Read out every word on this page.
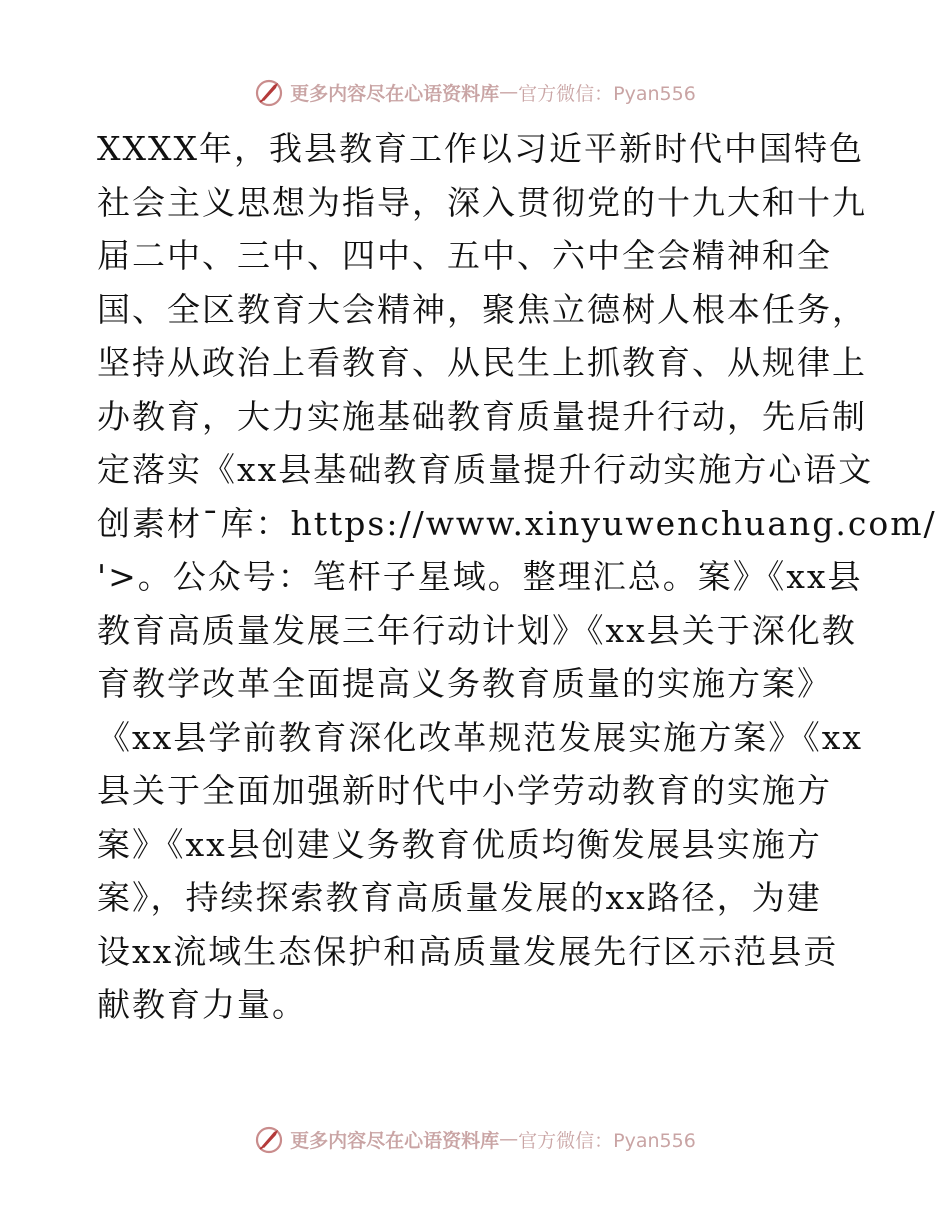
更多内容尽在心语资料库 — 官方微信：Pyan556
XXXX年，我县教育工作以习近平新时代中国特色
社会主义思想为指导，深入贯彻党的十九大和十九
届二中、三中、四中、五中、六中全会精神和全
国、全区教育大会精神，聚焦立德树人根本任务，
坚持从政治上看教育、从民生上抓教育、从规律上
办教育，大力实施基础教育质量提升行动，先后制
定落实《xx县基础教育质量提升行动实施方心语文
创素材¯库：https://www.xinyuwenchuang.com/
'>。公众号：笔杆子星域。整理汇总。案》《xx县
教育高质量发展三年行动计划》《xx县关于深化教
育教学改革全面提高义务教育质量的实施方案》
《xx县学前教育深化改革规范发展实施方案》《xx
县关于全面加强新时代中小学劳动教育的实施方
案》《xx县创建义务教育优质均衡发展县实施方
案》，持续探索教育高质量发展的xx路径，为建
设xx流域生态保护和高质量发展先行区示范县贡
献教育力量。
更多内容尽在心语资料库 — 官方微信：Pyan556
